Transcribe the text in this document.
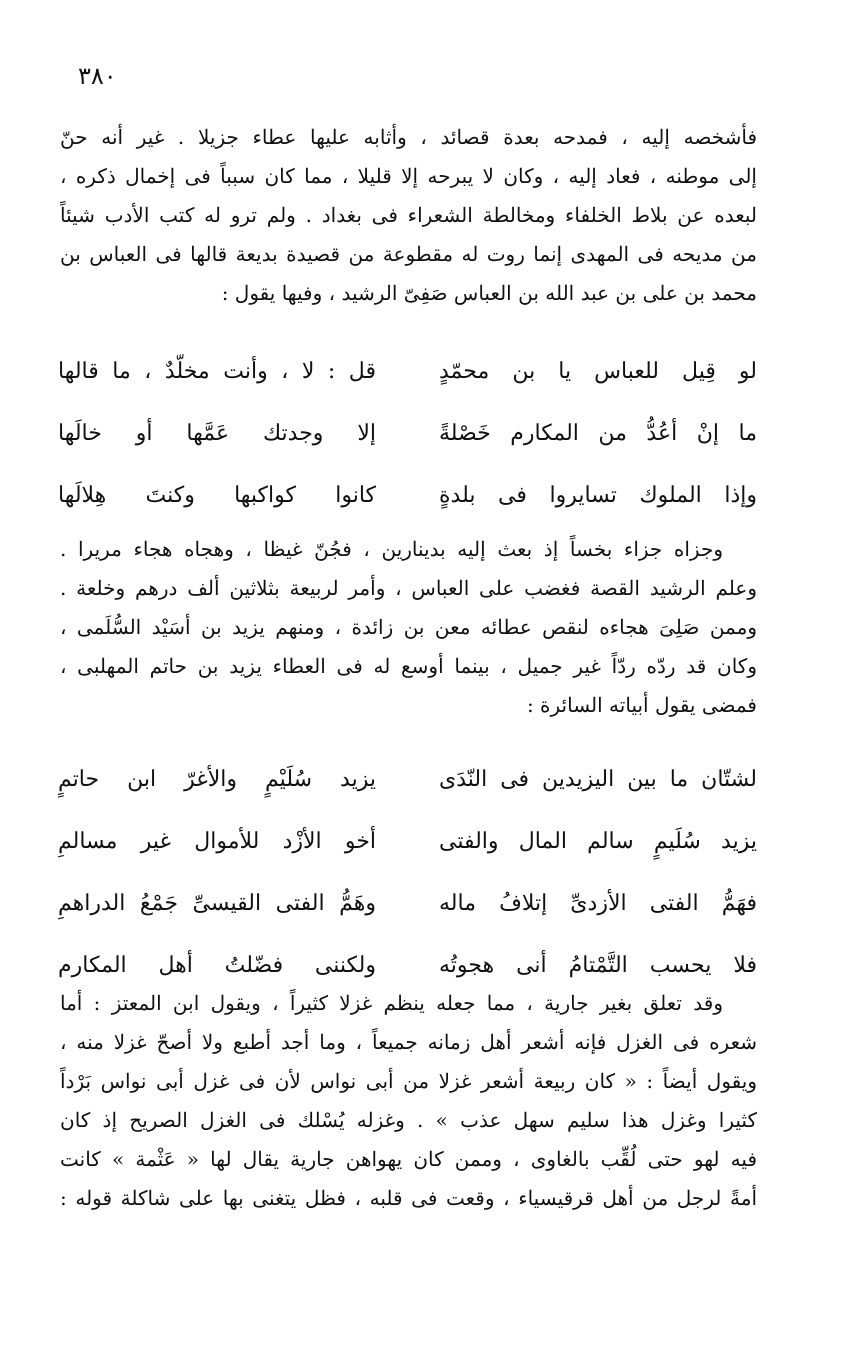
٣٨٠
فأشخصه إليه ، فمدحه بعدة قصائد ، وأثابه عليها عطاء جزيلا . غير أنه حنّ
إلى موطنه ، فعاد إليه ، وكان لا يبرحه إلا قليلا ، مما كان سبباً فى إخمال ذكره ،
لبعده عن بلاط الخلفاء ومخالطة الشعراء فى بغداد . ولم ترو له كتب الأدب شيئاً
من مديحه فى المهدى إنما روت له مقطوعة من قصيدة بديعة قالها فى العباس بن
محمد بن على بن عبد الله بن العباس صَفِىّ الرشيد ، وفيها يقول :
لو قِيل للعباس يا بن محمّدٍ
قل : لا ، وأنت مخلّدٌ ، ما قالها
ما إنْ أعُدُّ من المكارم خَصْلةً
إلا وجدتك عَمَّها أو خالَها
وإذا الملوك تسايروا فى بلدةٍ
كانوا كواكبها وكنتَ هِلالَها
وجزاه جزاء بخساً إذ بعث إليه بدينارين ، فجُنّ غيظا ، وهجاه هجاء مريرا .
وعلم الرشيد القصة فغضب على العباس ، وأمر لربيعة بثلاثين ألف درهم وخلعة .
وممن صَلِىَ هجاءه لنقص عطائه معن بن زائدة ، ومنهم يزيد بن أسَيْد السُّلَمى ،
وكان قد ردّه ردّاً غير جميل ، بينما أوسع له فى العطاء يزيد بن حاتم المهلبى ،
فمضى يقول أبياته السائرة :
لشتّان ما بين اليزيدين فى النّدَى
يزيد سُلَيْمٍ والأغرّ ابن حاتمٍ
يزيد سُلَيمٍ سالم المال والفتى
أخو الأزْد للأموال غير مسالمِ
فهَمُّ الفتى الأزدىِّ إتلافُ ماله
وهَمُّ الفتى القيسىِّ جَمْعُ الدراهمِ
فلا يحسب التَّمْتامُ أنى هجوتُه
ولكننى فضّلتُ أهل المكارم
وقد تعلق بغير جارية ، مما جعله ينظم غزلا كثيراً ، ويقول ابن المعتز : أما
شعره فى الغزل فإنه أشعر أهل زمانه جميعاً ، وما أجد أطبع ولا أصحّ غزلا منه ،
ويقول أيضاً : « كان ربيعة أشعر غزلا من أبى نواس لأن فى غزل أبى نواس بَرْداً
كثيرا وغزل هذا سليم سهل عذب » . وغزله يُسْلك فى الغزل الصريح إذ كان
فيه لهو حتى لُقِّب بالغاوى ، وممن كان يهواهن جارية يقال لها « عَثْمة » كانت
أمةً لرجل من أهل قرقيسياء ، وقعت فى قلبه ، فظل يتغنى بها على شاكلة قوله :
